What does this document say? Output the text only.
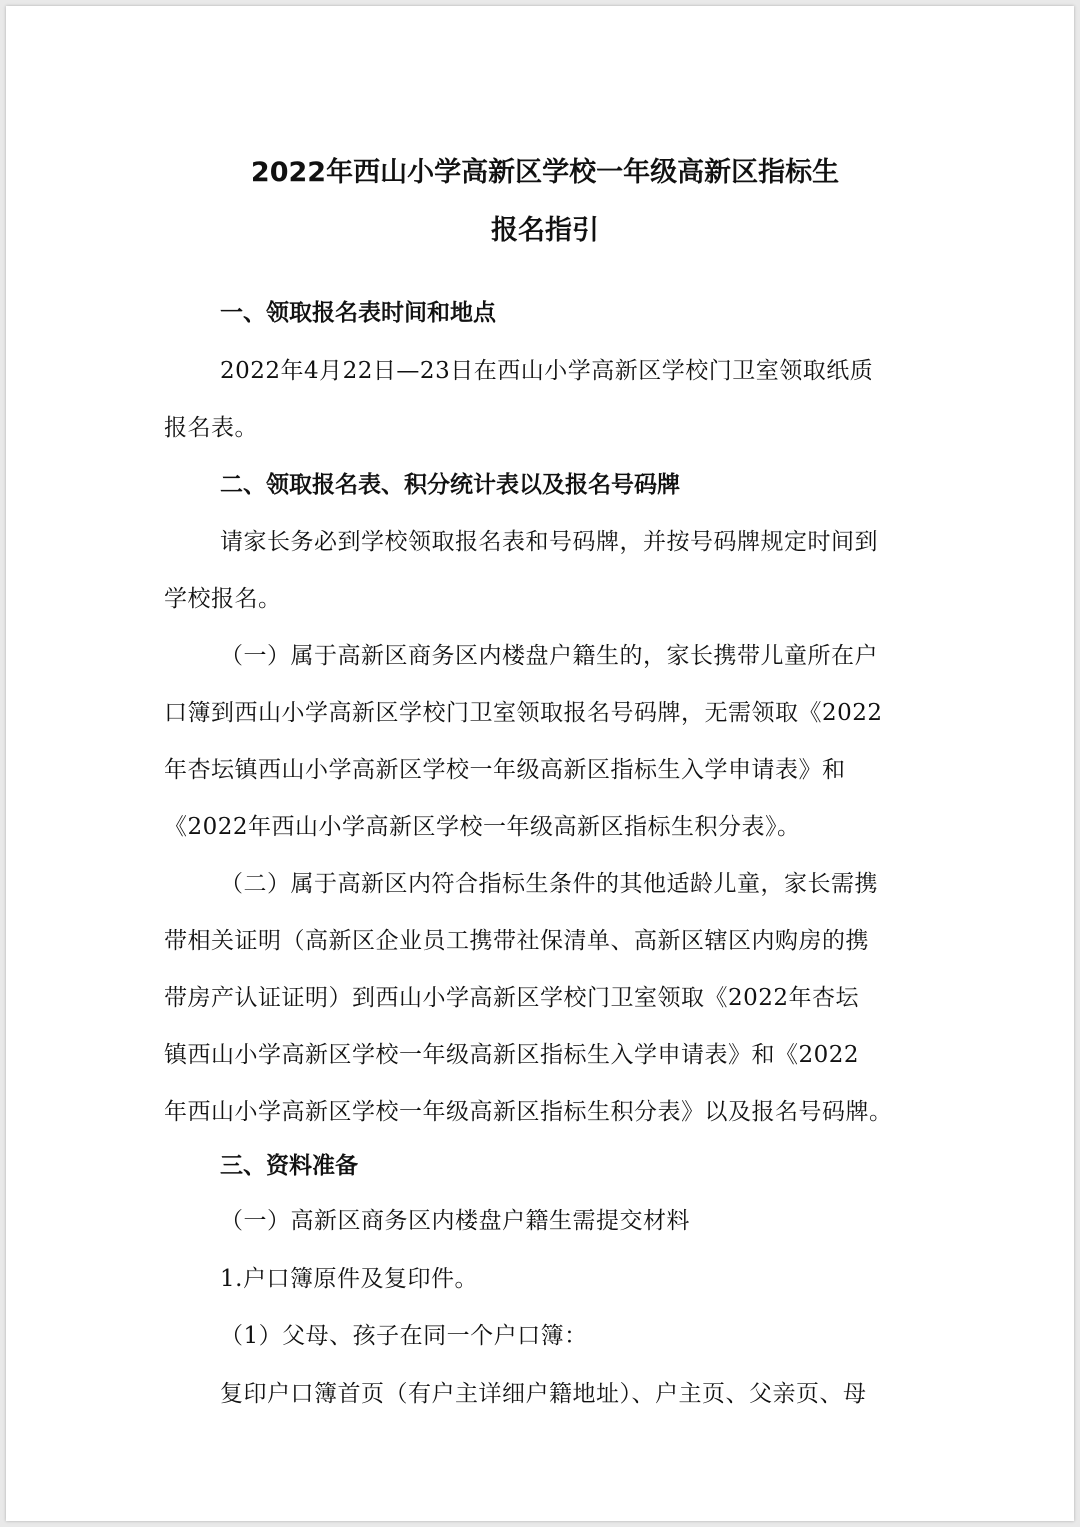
2022年西山小学高新区学校一年级高新区指标生
报名指引
一、领取报名表时间和地点
2022年4月22日—23日在西山小学高新区学校门卫室领取纸质
报名表。
二、领取报名表、积分统计表以及报名号码牌
请家长务必到学校领取报名表和号码牌，并按号码牌规定时间到
学校报名。
（一）属于高新区商务区内楼盘户籍生的，家长携带儿童所在户
口簿到西山小学高新区学校门卫室领取报名号码牌，无需领取《2022
年杏坛镇西山小学高新区学校一年级高新区指标生入学申请表》和
《2022年西山小学高新区学校一年级高新区指标生积分表》。
（二）属于高新区内符合指标生条件的其他适龄儿童，家长需携
带相关证明（高新区企业员工携带社保清单、高新区辖区内购房的携
带房产认证证明）到西山小学高新区学校门卫室领取《2022年杏坛
镇西山小学高新区学校一年级高新区指标生入学申请表》和《2022
年西山小学高新区学校一年级高新区指标生积分表》以及报名号码牌。
三、资料准备
（一）高新区商务区内楼盘户籍生需提交材料
1.户口簿原件及复印件。
（1）父母、孩子在同一个户口簿：
复印户口簿首页（有户主详细户籍地址）、户主页、父亲页、母
